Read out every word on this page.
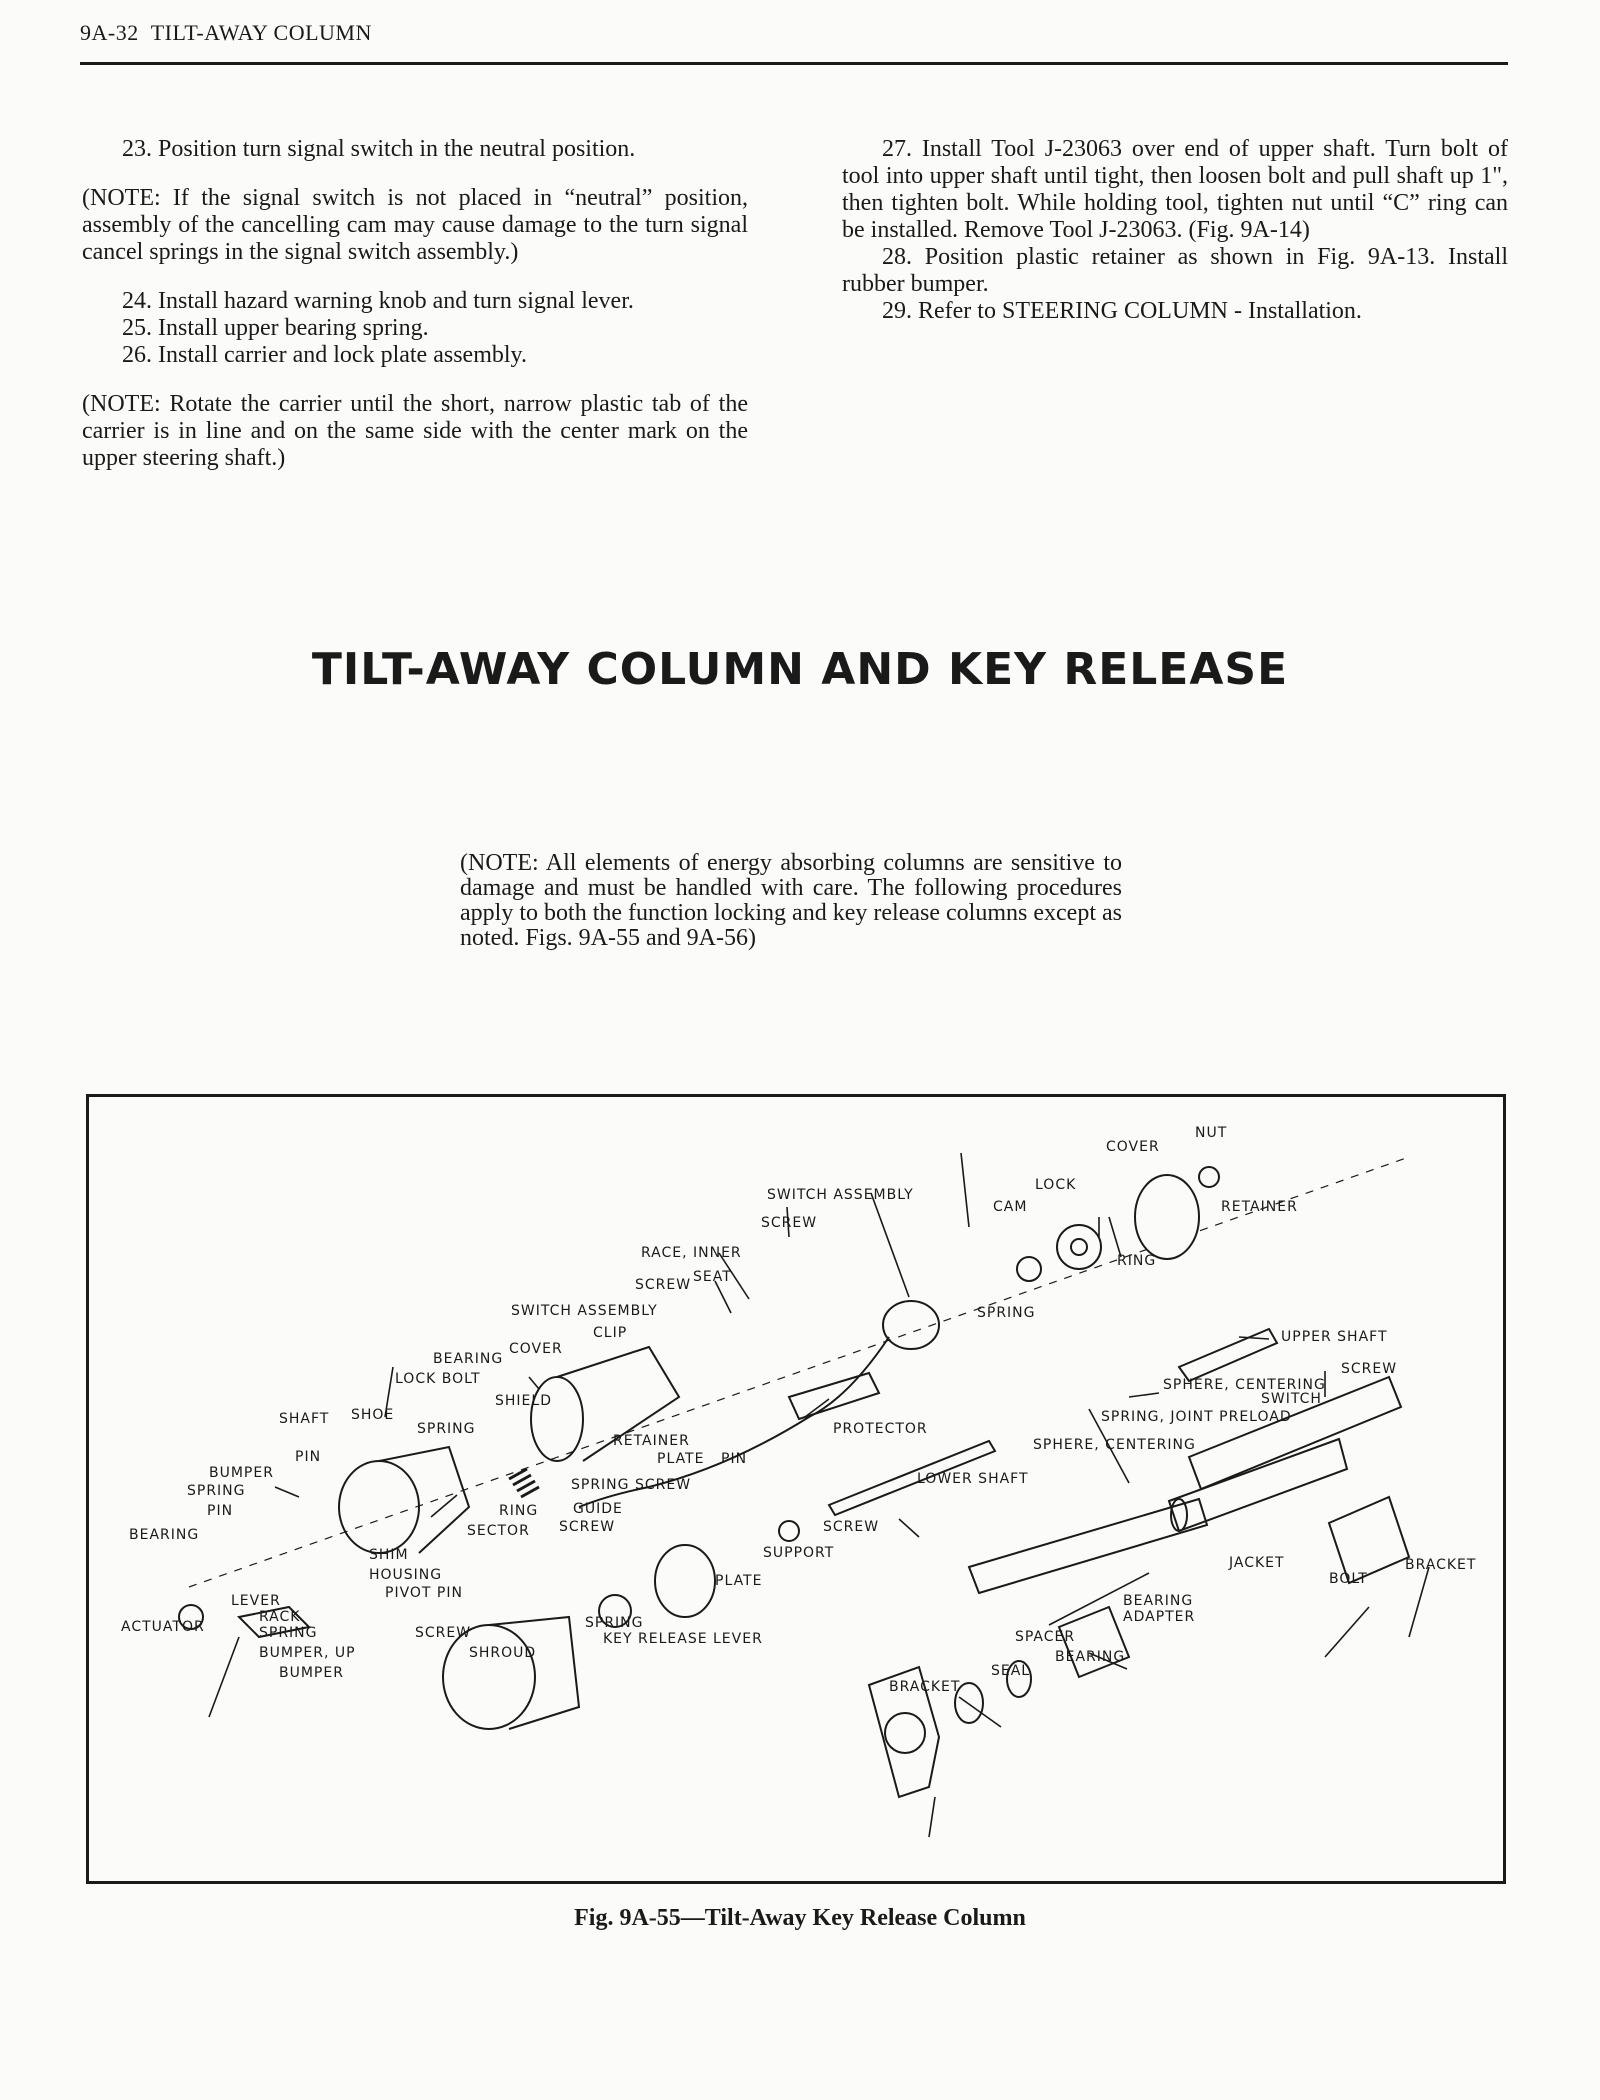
9A-32 TILT-AWAY COLUMN

23. Position turn signal switch in the neutral position.

(NOTE: If the signal switch is not placed in “neutral” position, assembly of the cancelling cam may cause damage to the turn signal cancel springs in the signal switch assembly.)

24. Install hazard warning knob and turn signal lever.

25. Install upper bearing spring.

26. Install carrier and lock plate assembly.

(NOTE: Rotate the carrier until the short, narrow plastic tab of the carrier is in line and on the same side with the center mark on the upper steering shaft.)

27. Install Tool J-23063 over end of upper shaft. Turn bolt of tool into upper shaft until tight, then loosen bolt and pull shaft up 1", then tighten bolt. While holding tool, tighten nut until “C” ring can be installed. Remove Tool J-23063. (Fig. 9A-14)

28. Position plastic retainer as shown in Fig. 9A-13. Install rubber bumper.

29. Refer to STEERING COLUMN - Installation.

TILT-AWAY COLUMN AND KEY RELEASE

(NOTE: All elements of energy absorbing columns are sensitive to damage and must be handled with care. The following procedures apply to both the function locking and key release columns except as noted. Figs. 9A-55 and 9A-56)

NUT
COVER
LOCK
RETAINER
CAM
SWITCH ASSEMBLY
SCREW
RING
RACE, INNER
SEAT
SCREW
SPRING
SWITCH ASSEMBLY
UPPER SHAFT
CLIP
COVER
SCREW
BEARING
SPHERE, CENTERING
SWITCH
LOCK BOLT
SHIELD
SPRING, JOINT PRELOAD
SHAFT SHOE
SPRING	PROTECTOR
RETAINER	SPHERE, CENTERING
PIN	PLATE PIN
BUMPER
SPRING SCREW	LOWER SHAFT
SPRING
PIN	RING GUIDE
SECTOR SCREW	SCREW
BEARING
SHIM
HOUSING
SUPPORT
JACKET	BRACKET
BOLT
PIVOT PIN
PLATE
LEVER	BEARING
ADAPTER
RACK
ACTUATOR	SPRING	SCREW
SPRING
KEY RELEASE LEVER	SPACER
BUMPER, UP	SHROUD	BEARING
BUMPER	SEAL
BRACKET
Fig. 9A-55—Tilt-Away Key Release Column
